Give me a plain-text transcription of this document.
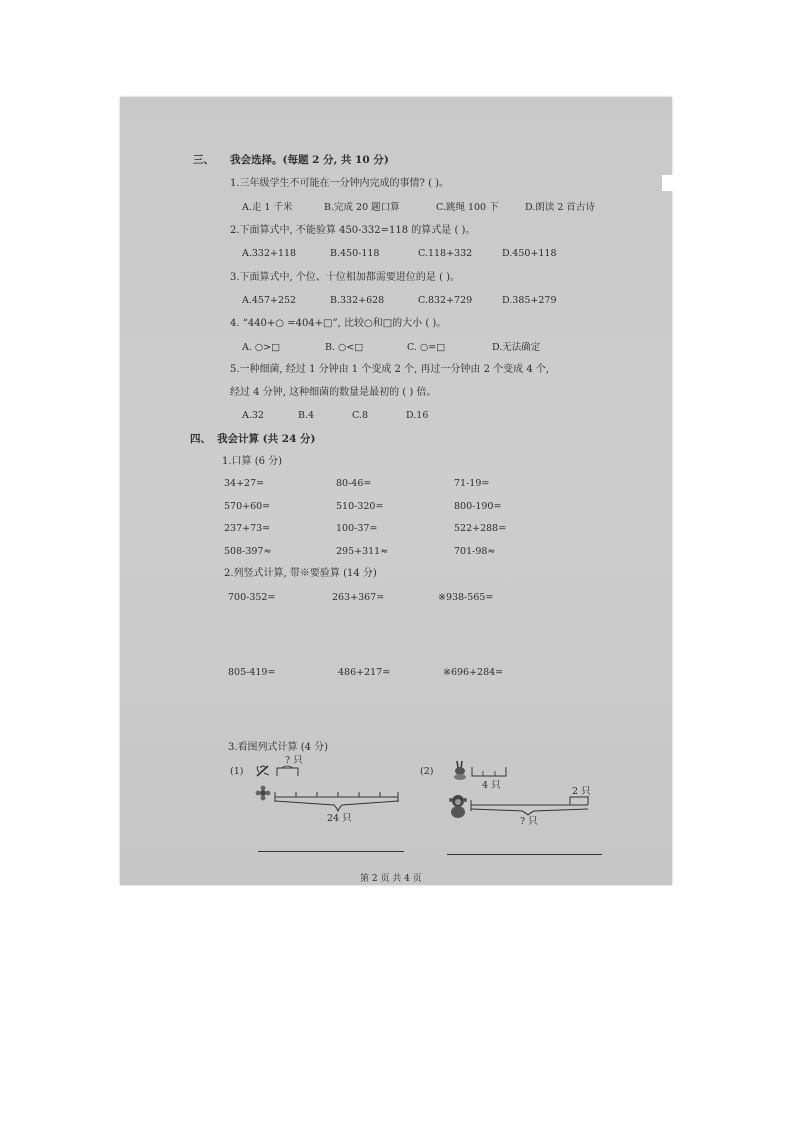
三、 我会选择。(每题 2 分, 共 10 分)
1.三年级学生不可能在一分钟内完成的事情? ( )。
A.走 1 千米	B.完成 20 题口算	C.跳绳 100 下	D.朗读 2 首古诗
2.下面算式中, 不能验算 450-332=118 的算式是 ( )。
A.332+118	B.450-118	C.118+332	D.450+118
3.下面算式中, 个位、十位相加都需要进位的是 ( )。
A.457+252	B.332+628	C.832+729	D.385+279
4. “440+○ =404+□”, 比较○和□的大小 ( )。
A. ○>□	B. ○<□	C. ○=□	D.无法确定
5.一种细菌, 经过 1 分钟由 1 个变成 2 个, 再过一分钟由 2 个变成 4 个,
经过 4 分钟, 这种细菌的数量是最初的 ( ) 倍。
A.32	B.4	C.8	D.16
四、 我会计算 (共 24 分)
1.口算 (6 分)
34+27=	80-46=	71-19=
570+60=	510-320=	800-190=
237+73=	100-37=	522+288=
508-397≈	295+311≈	701-98≈
2.列竖式计算, 带※要验算 (14 分)
700-352=	263+367=	※938-565=
805-419=	486+217=	※696+284=
3.看图列式计算 (4 分)
(1)
? 只
24 只
(2)
4 只
2 只
? 只
第 2 页 共 4 页
